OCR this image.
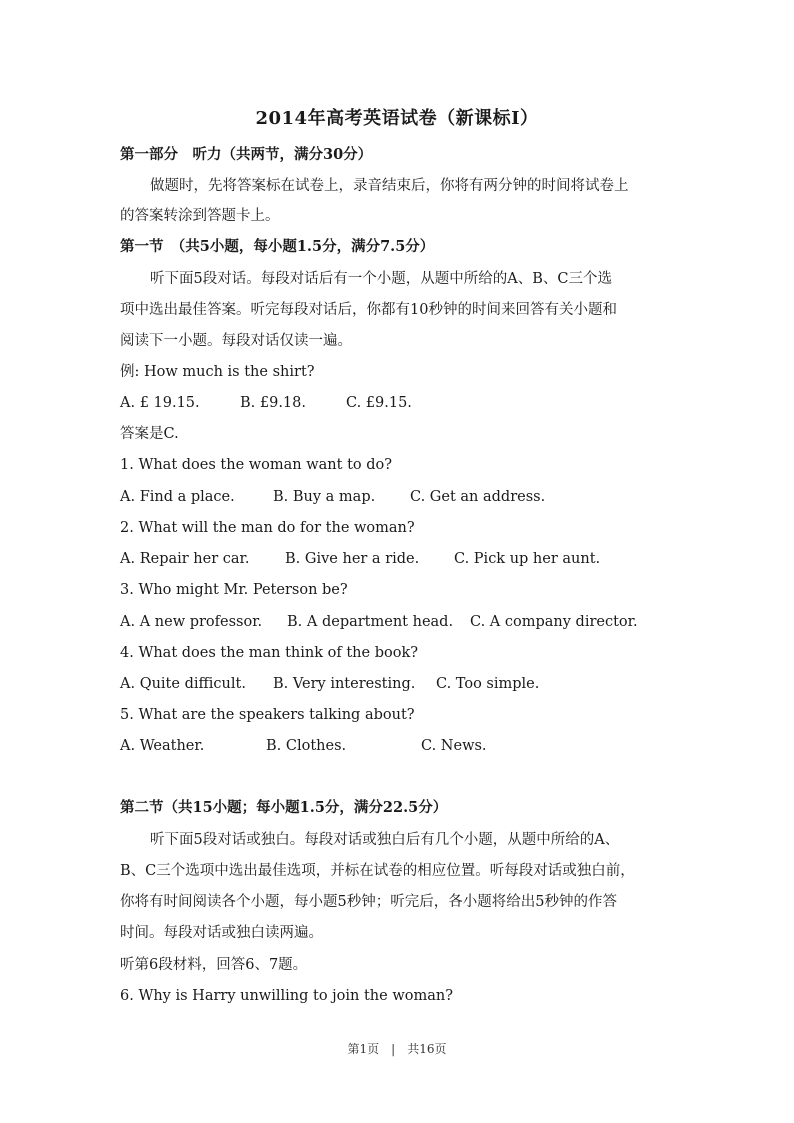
2014年高考英语试卷（新课标I）
第一部分　听力（共两节，满分30分）
做题时，先将答案标在试卷上，录音结束后，你将有两分钟的时间将试卷上
的答案转涂到答题卡上。
第一节　（共5小题，每小题1.5分，满分7.5分）
听下面5段对话。每段对话后有一个小题，从题中所给的A、B、C三个选
项中选出最佳答案。听完每段对话后，你都有10秒钟的时间来回答有关小题和
阅读下一小题。每段对话仅读一遍。
例: How much is the shirt?
A. £ 19.15.	B. £9.18.	C. £9.15.
答案是C.
1. What does the woman want to do?
A. Find a place.	B. Buy a map. C. Get an address.
2. What will the man do for the woman?
A. Repair her car. B. Give her a ride. C. Pick up her aunt.
3. Who might Mr. Peterson be?
A. A new professor. B. A department head. C. A company director.
4. What does the man think of the book?
A. Quite difficult. B. Very interesting. C. Too simple.
5. What are the speakers talking about?
A. Weather.	B. Clothes.	C. News.
第二节（共15小题；每小题1.5分，满分22.5分）
听下面5段对话或独白。每段对话或独白后有几个小题，从题中所给的A、
B、C三个选项中选出最佳选项，并标在试卷的相应位置。听每段对话或独白前，
你将有时间阅读各个小题，每小题5秒钟；听完后，各小题将给出5秒钟的作答
时间。每段对话或独白读两遍。
听第6段材料，回答6、7题。
6. Why is Harry unwilling to join the woman?
第1页　|　共16页
